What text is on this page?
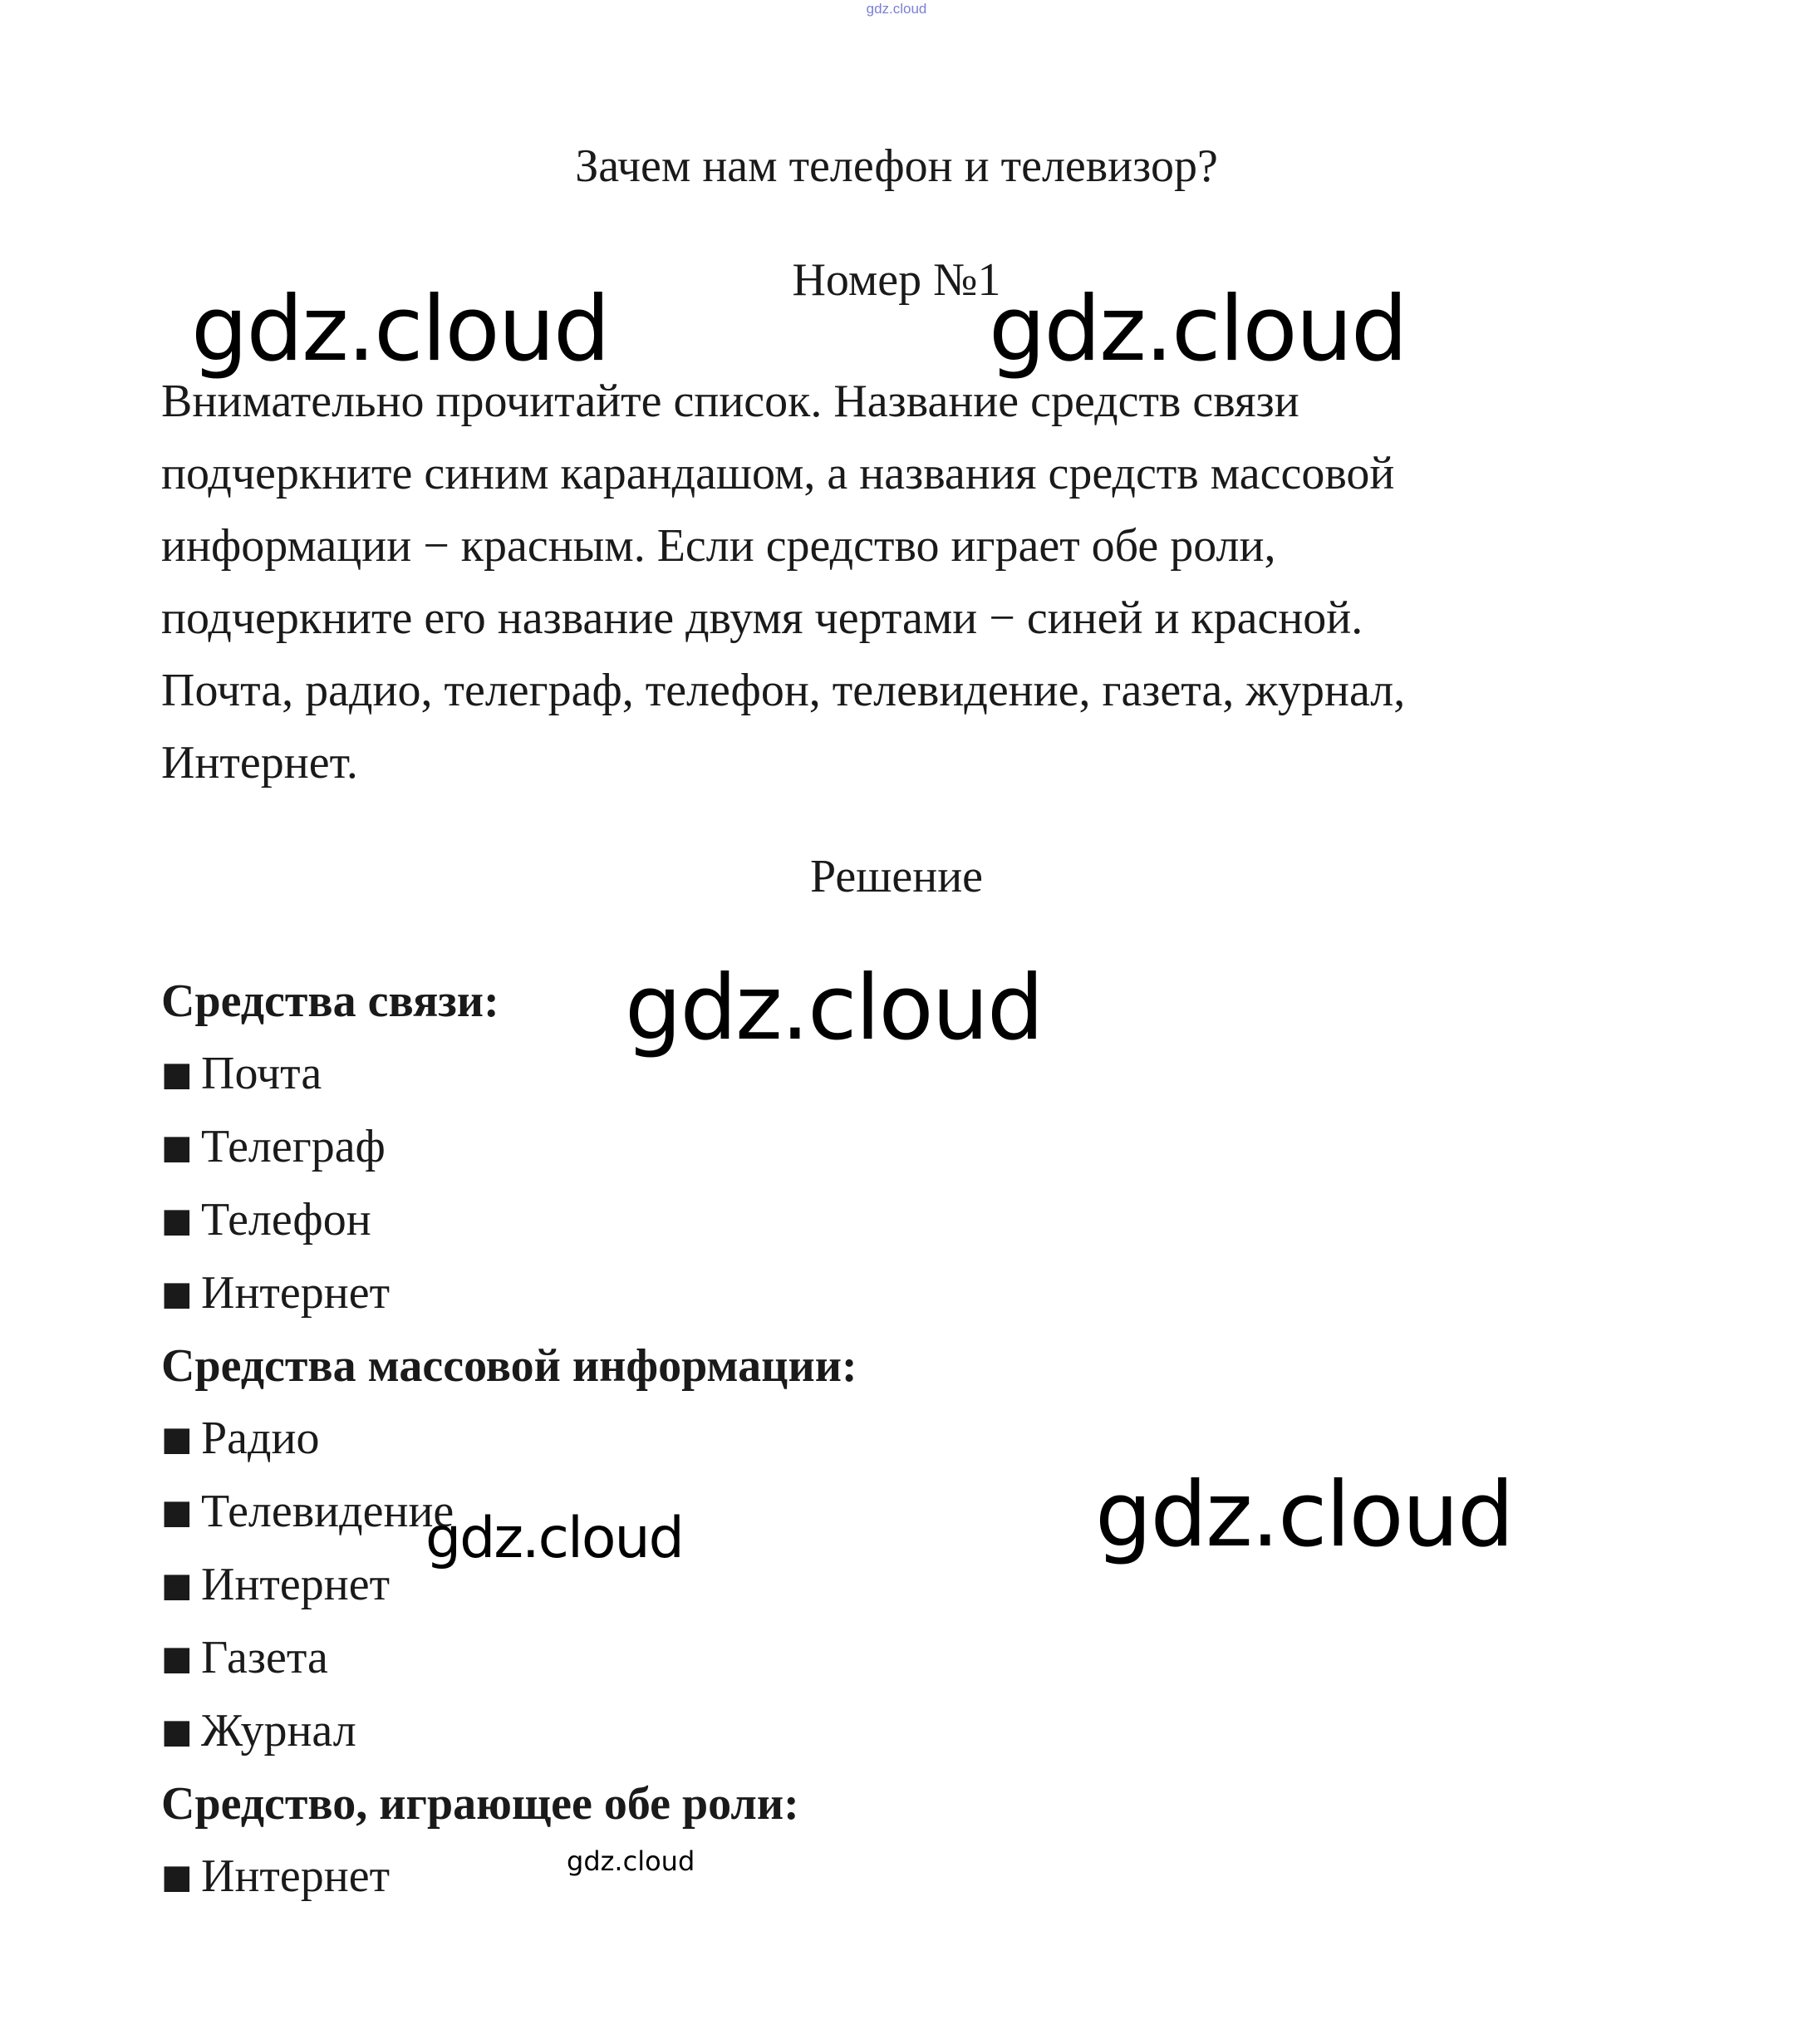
gdz.cloud
Зачем нам телефон и телевизор?
Номер №1

Внимательно прочитайте список. Название средств связи

подчеркните синим карандашом, а названия средств массовой

информации − красным. Если средство играет обе роли,

подчеркните его название двумя чертами − синей и красной.

Почта, радио, телеграф, телефон, телевидение, газета, журнал,

Интернет.

Решение
Средства связи:
■ Почта
■ Телеграф
■ Телефон
■ Интернет
Средства массовой информации:
■ Радио
■ Телевидение
■ Интернет
■ Газета
■ Журнал
Средство, играющее обе роли:
■ Интернет
gdz.cloud	gdz.cloud
gdz.cloud
gdz.cloud
gdz.cloud
gdz.cloud
